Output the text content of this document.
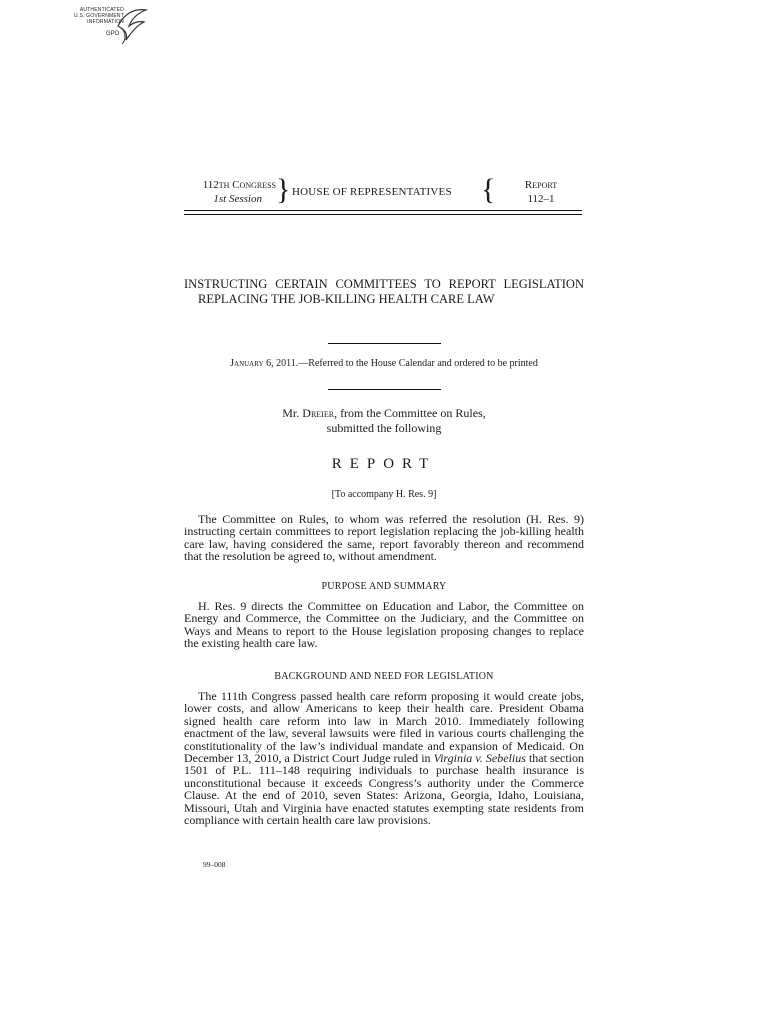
AUTHENTICATED
U.S. GOVERNMENT
INFORMATION
GPO
112th Congress
1st Session } HOUSE OF REPRESENTATIVES {	Report
112–1
INSTRUCTING CERTAIN COMMITTEES TO REPORT LEGISLATION REPLACING THE JOB-KILLING HEALTH CARE LAW
January 6, 2011.—Referred to the House Calendar and ordered to be printed
Mr. Dreier, from the Committee on Rules,
submitted the following
REPORT
[To accompany H. Res. 9]

The Committee on Rules, to whom was referred the resolution (H. Res. 9) instructing certain committees to report legislation replacing the job-killing health care law, having considered the same, report favorably thereon and recommend that the resolution be agreed to, without amendment.

PURPOSE AND SUMMARY

H. Res. 9 directs the Committee on Education and Labor, the Committee on Energy and Commerce, the Committee on the Judiciary, and the Committee on Ways and Means to report to the House legislation proposing changes to replace the existing health care law.

BACKGROUND AND NEED FOR LEGISLATION

The 111th Congress passed health care reform proposing it would create jobs, lower costs, and allow Americans to keep their health care. President Obama signed health care reform into law in March 2010. Immediately following enactment of the law, several lawsuits were filed in various courts challenging the constitutionality of the law’s individual mandate and expansion of Medicaid. On December 13, 2010, a District Court Judge ruled in Virginia v. Sebelius that section 1501 of P.L. 111–148 requiring individuals to purchase health insurance is unconstitutional because it exceeds Congress’s authority under the Commerce Clause. At the end of 2010, seven States: Arizona, Georgia, Idaho, Louisiana, Missouri, Utah and Virginia have enacted statutes exempting state residents from compliance with certain health care law provisions.

99–008
